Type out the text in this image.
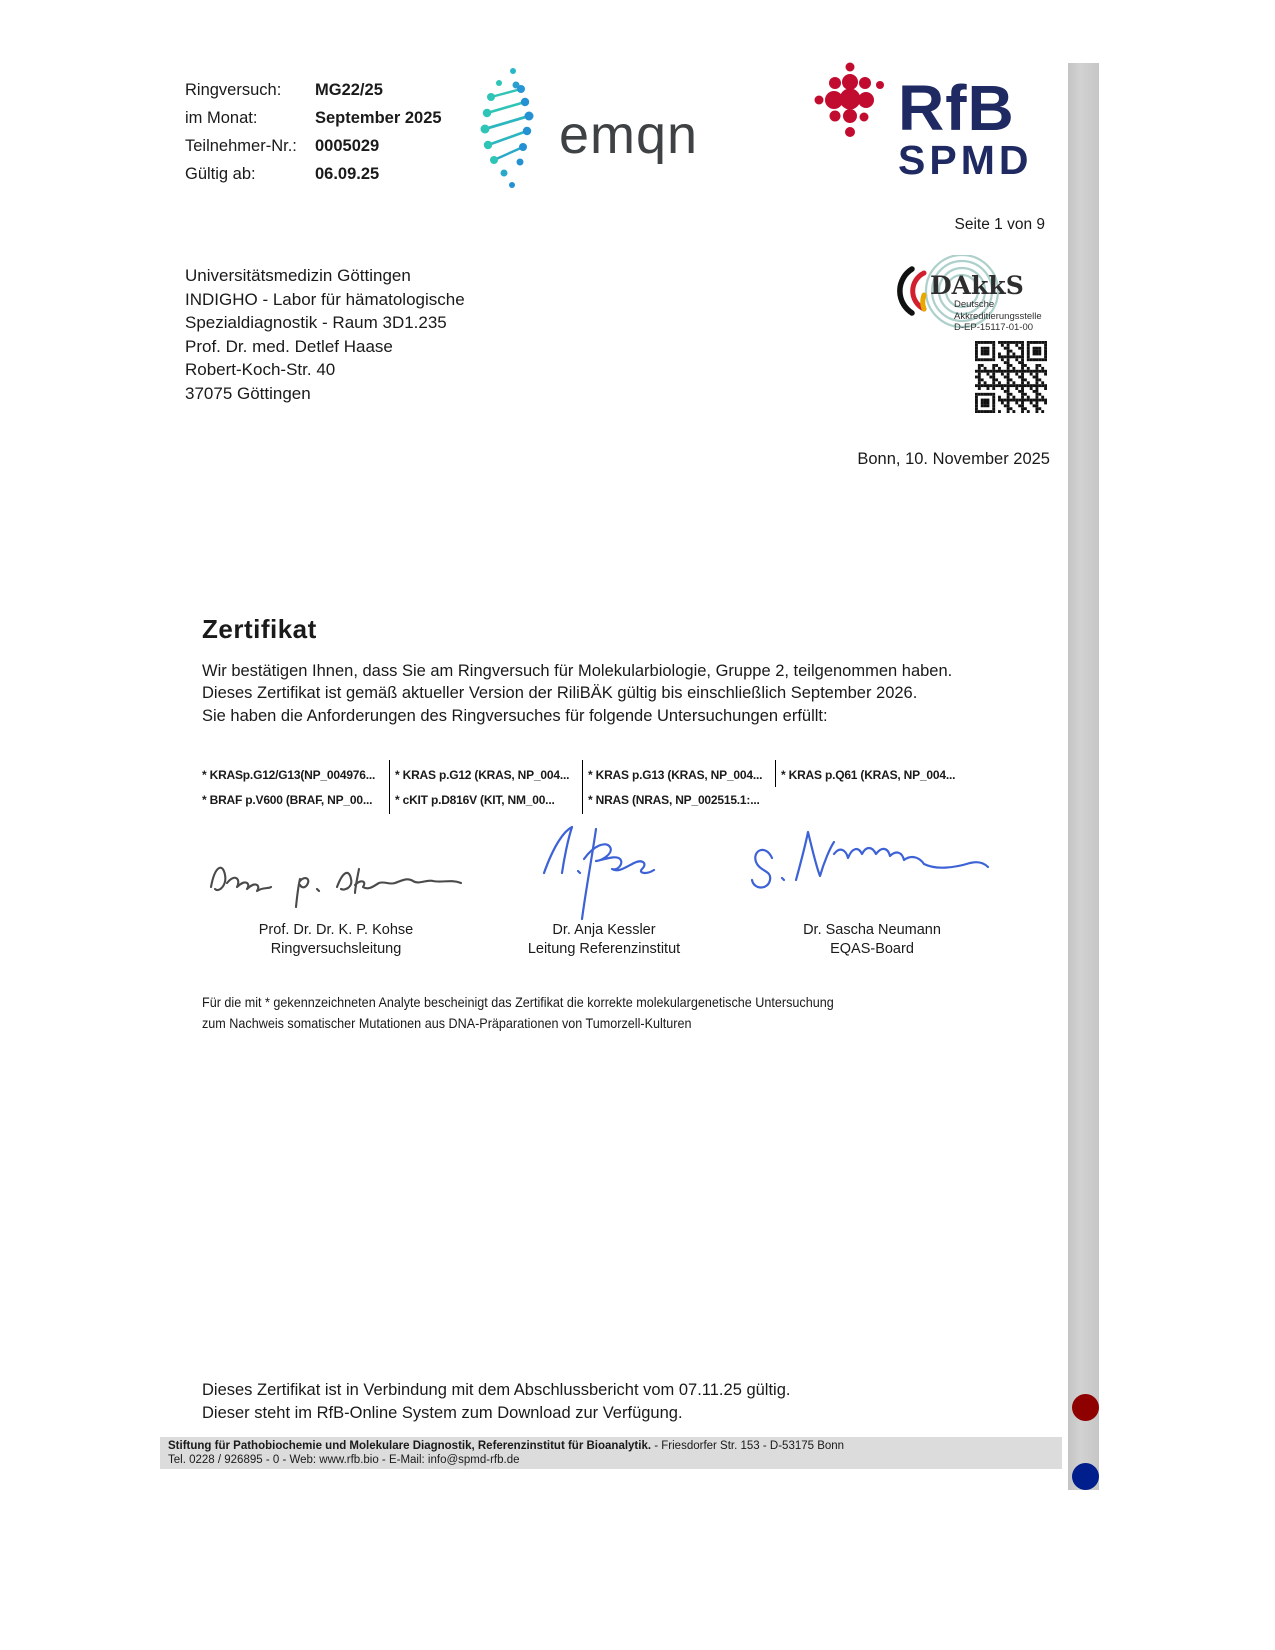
Ringversuch:	MG22/25
im Monat:	September 2025
Teilnehmer-Nr.:	0005029
Gültig ab:	06.09.25
emqn	RfB
SPMD
Seite 1 von 9
Universitätsmedizin Göttingen
INDIGHO - Labor für hämatologische
Spezialdiagnostik - Raum 3D1.235
Prof. Dr. med. Detlef Haase
Robert-Koch-Str. 40
37075 Göttingen
DAkkS
Deutsche
Akkreditierungsstelle
D-EP-15117-01-00
Bonn, 10. November 2025
Zertifikat

Wir bestätigen Ihnen, dass Sie am Ringversuch für Molekularbiologie, Gruppe 2, teilgenommen haben.

Dieses Zertifikat ist gemäß aktueller Version der RiliBÄK gültig bis einschließlich September 2026.

Sie haben die Anforderungen des Ringversuches für folgende Untersuchungen erfüllt:

* KRASp.G12/G13(NP_004976...	* KRAS p.G12 (KRAS, NP_004...	* KRAS p.G13 (KRAS, NP_004...	* KRAS p.Q61 (KRAS, NP_004...
* BRAF p.V600 (BRAF, NP_00...	* cKIT p.D816V (KIT, NM_00...	* NRAS (NRAS, NP_002515.1:...
Prof. Dr. Dr. K. P. Kohse
Ringversuchsleitung
Dr. Anja Kessler
Leitung Referenzinstitut
Dr. Sascha Neumann
EQAS-Board
Für die mit * gekennzeichneten Analyte bescheinigt das Zertifikat die korrekte molekulargenetische Untersuchung
zum Nachweis somatischer Mutationen aus DNA-Präparationen von Tumorzell-Kulturen
Dieses Zertifikat ist in Verbindung mit dem Abschlussbericht vom 07.11.25 gültig.
Dieser steht im RfB-Online System zum Download zur Verfügung.
Stiftung für Pathobiochemie und Molekulare Diagnostik, Referenzinstitut für Bioanalytik. - Friesdorfer Str. 153 - D-53175 Bonn
Tel. 0228 / 926895 - 0 - Web: www.rfb.bio - E-Mail: info@spmd-rfb.de
